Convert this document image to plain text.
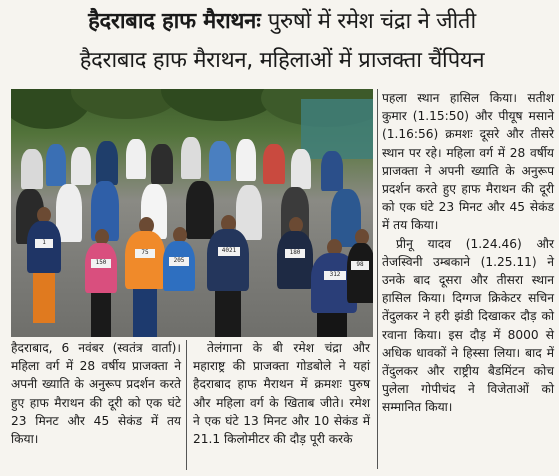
हैदराबाद हाफ मैराथनः पुरुषों में रमेश चंद्रा ने जीती
हैदराबाद हाफ मैराथन, महिलाओं में प्राजक्ता चैंपियन
1
150
75
205
4021	180
312
98

पहला स्थान हासिल किया। सतीश कुमार (1.15:50) और पीयूष मसाने (1.16:56) क्रमशः दूसरे और तीसरे स्थान पर रहे। महिला वर्ग में 28 वर्षीय प्राजक्ता ने अपनी ख्याति के अनुरूप प्रदर्शन करते हुए हाफ मैराथन की दूरी को एक घंटे 23 मिनट और 45 सेकंड में तय किया।

प्रीनू यादव (1.24.46) और तेजस्विनी उम्बकाने (1.25.11) ने उनके बाद दूसरा और तीसरा स्थान हासिल किया। दिग्गज क्रिकेटर सचिन तेंदुलकर ने हरी झंडी दिखाकर दौड़ को रवाना किया। इस दौड़ में 8000 से अधिक धावकों ने हिस्सा लिया। बाद में तेंदुलकर और राष्ट्रीय बैडमिंटन कोच पुलेला गोपीचंद ने विजेताओं को सम्मानित किया।

हैदराबाद, 6 नवंबर (स्वतंत्र वार्ता)। महिला वर्ग में 28 वर्षीय प्राजक्ता ने अपनी ख्याति के अनुरूप प्रदर्शन करते हुए हाफ मैराथन की दूरी को एक घंटे 23 मिनट और 45 सेकंड में तय किया।

तेलंगाना के बी रमेश चंद्रा और महाराष्ट्र की प्राजक्ता गोडबोले ने यहां हैदराबाद हाफ मैराथन में क्रमशः पुरुष और महिला वर्ग के खिताब जीते। रमेश ने एक घंटे 13 मिनट और 10 सेकंड में 21.1 किलोमीटर की दौड़ पूरी करके
